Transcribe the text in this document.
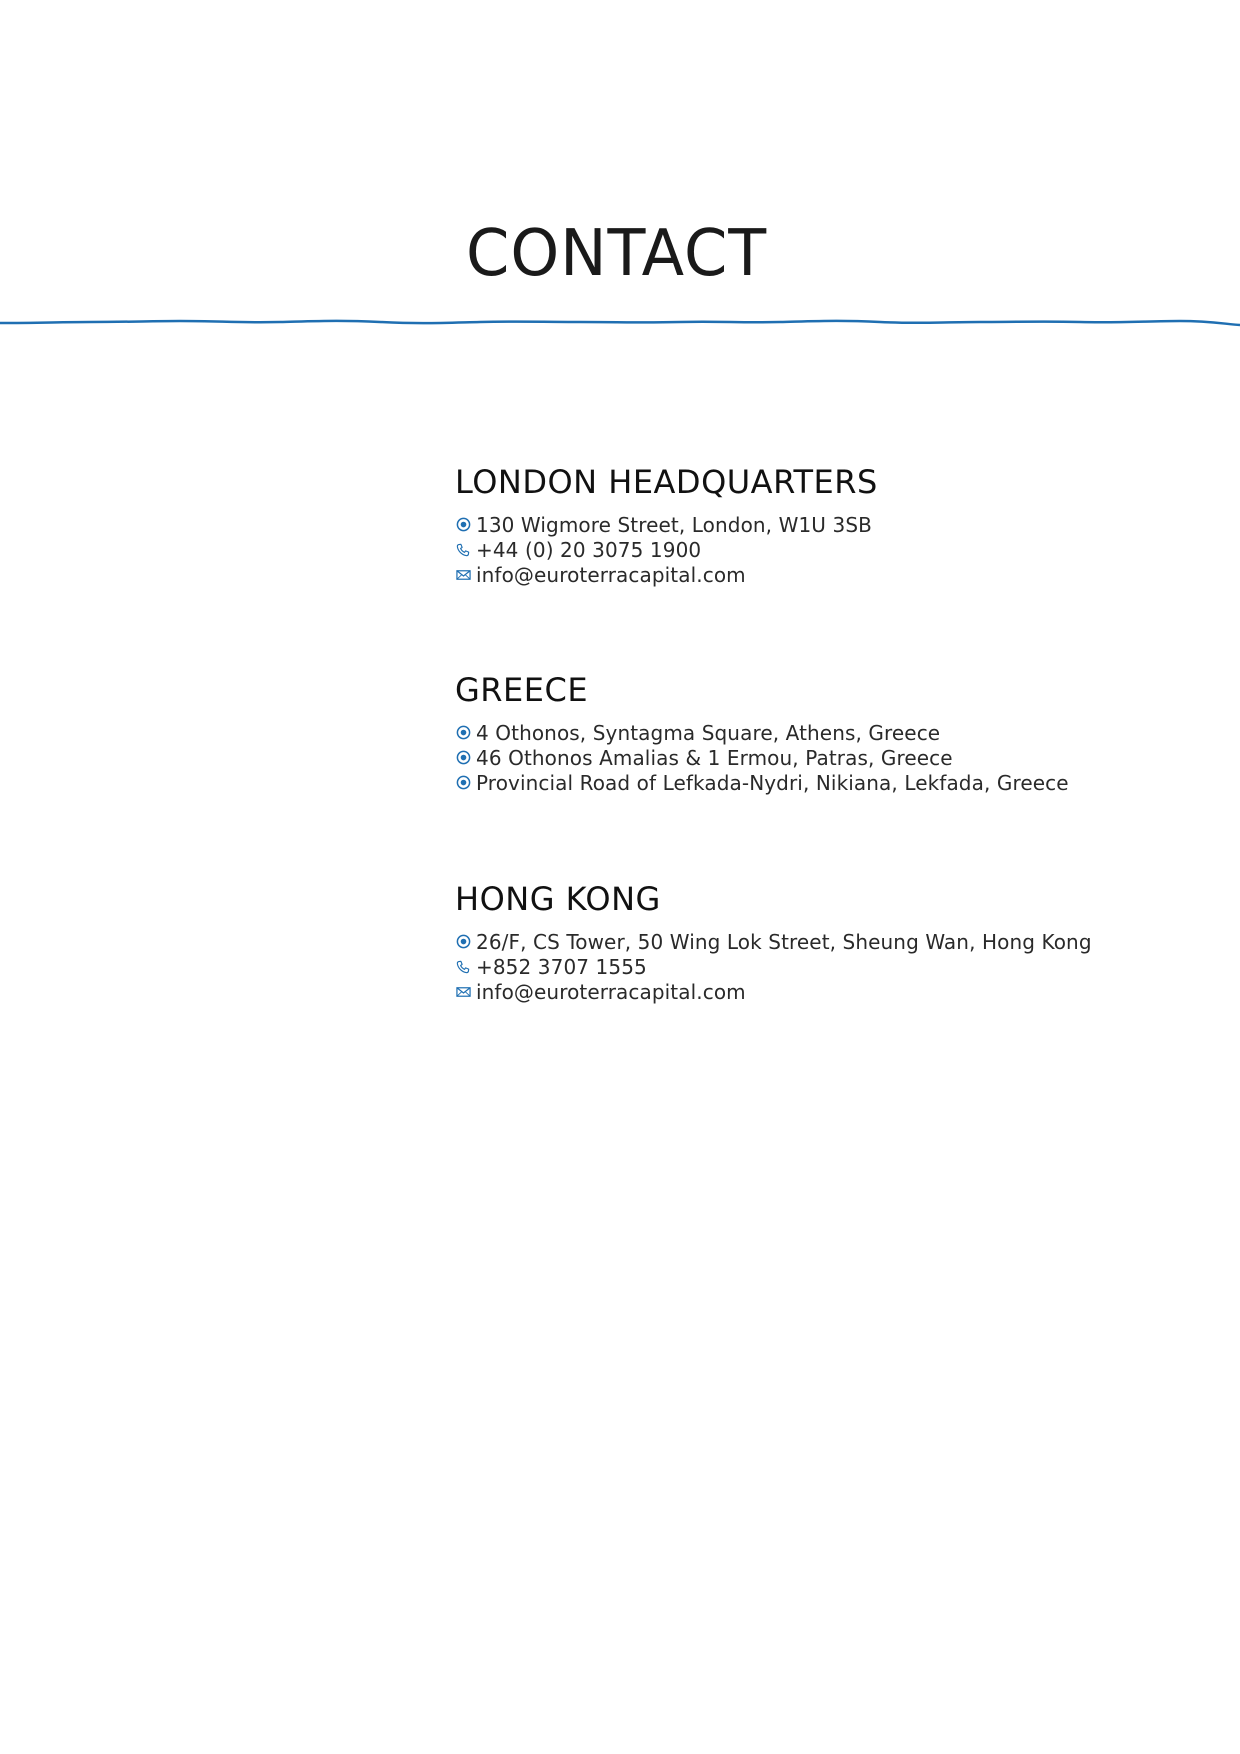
CONTACT
LONDON HEADQUARTERS
130 Wigmore Street, London, W1U 3SB
+44 (0) 20 3075 1900
info@euroterracapital.com
GREECE
4 Othonos, Syntagma Square, Athens, Greece
46 Othonos Amalias & 1 Ermou, Patras, Greece
Provincial Road of Lefkada-Nydri, Nikiana, Lekfada, Greece
HONG KONG
26/F, CS Tower, 50 Wing Lok Street, Sheung Wan, Hong Kong
+852 3707 1555
info@euroterracapital.com
